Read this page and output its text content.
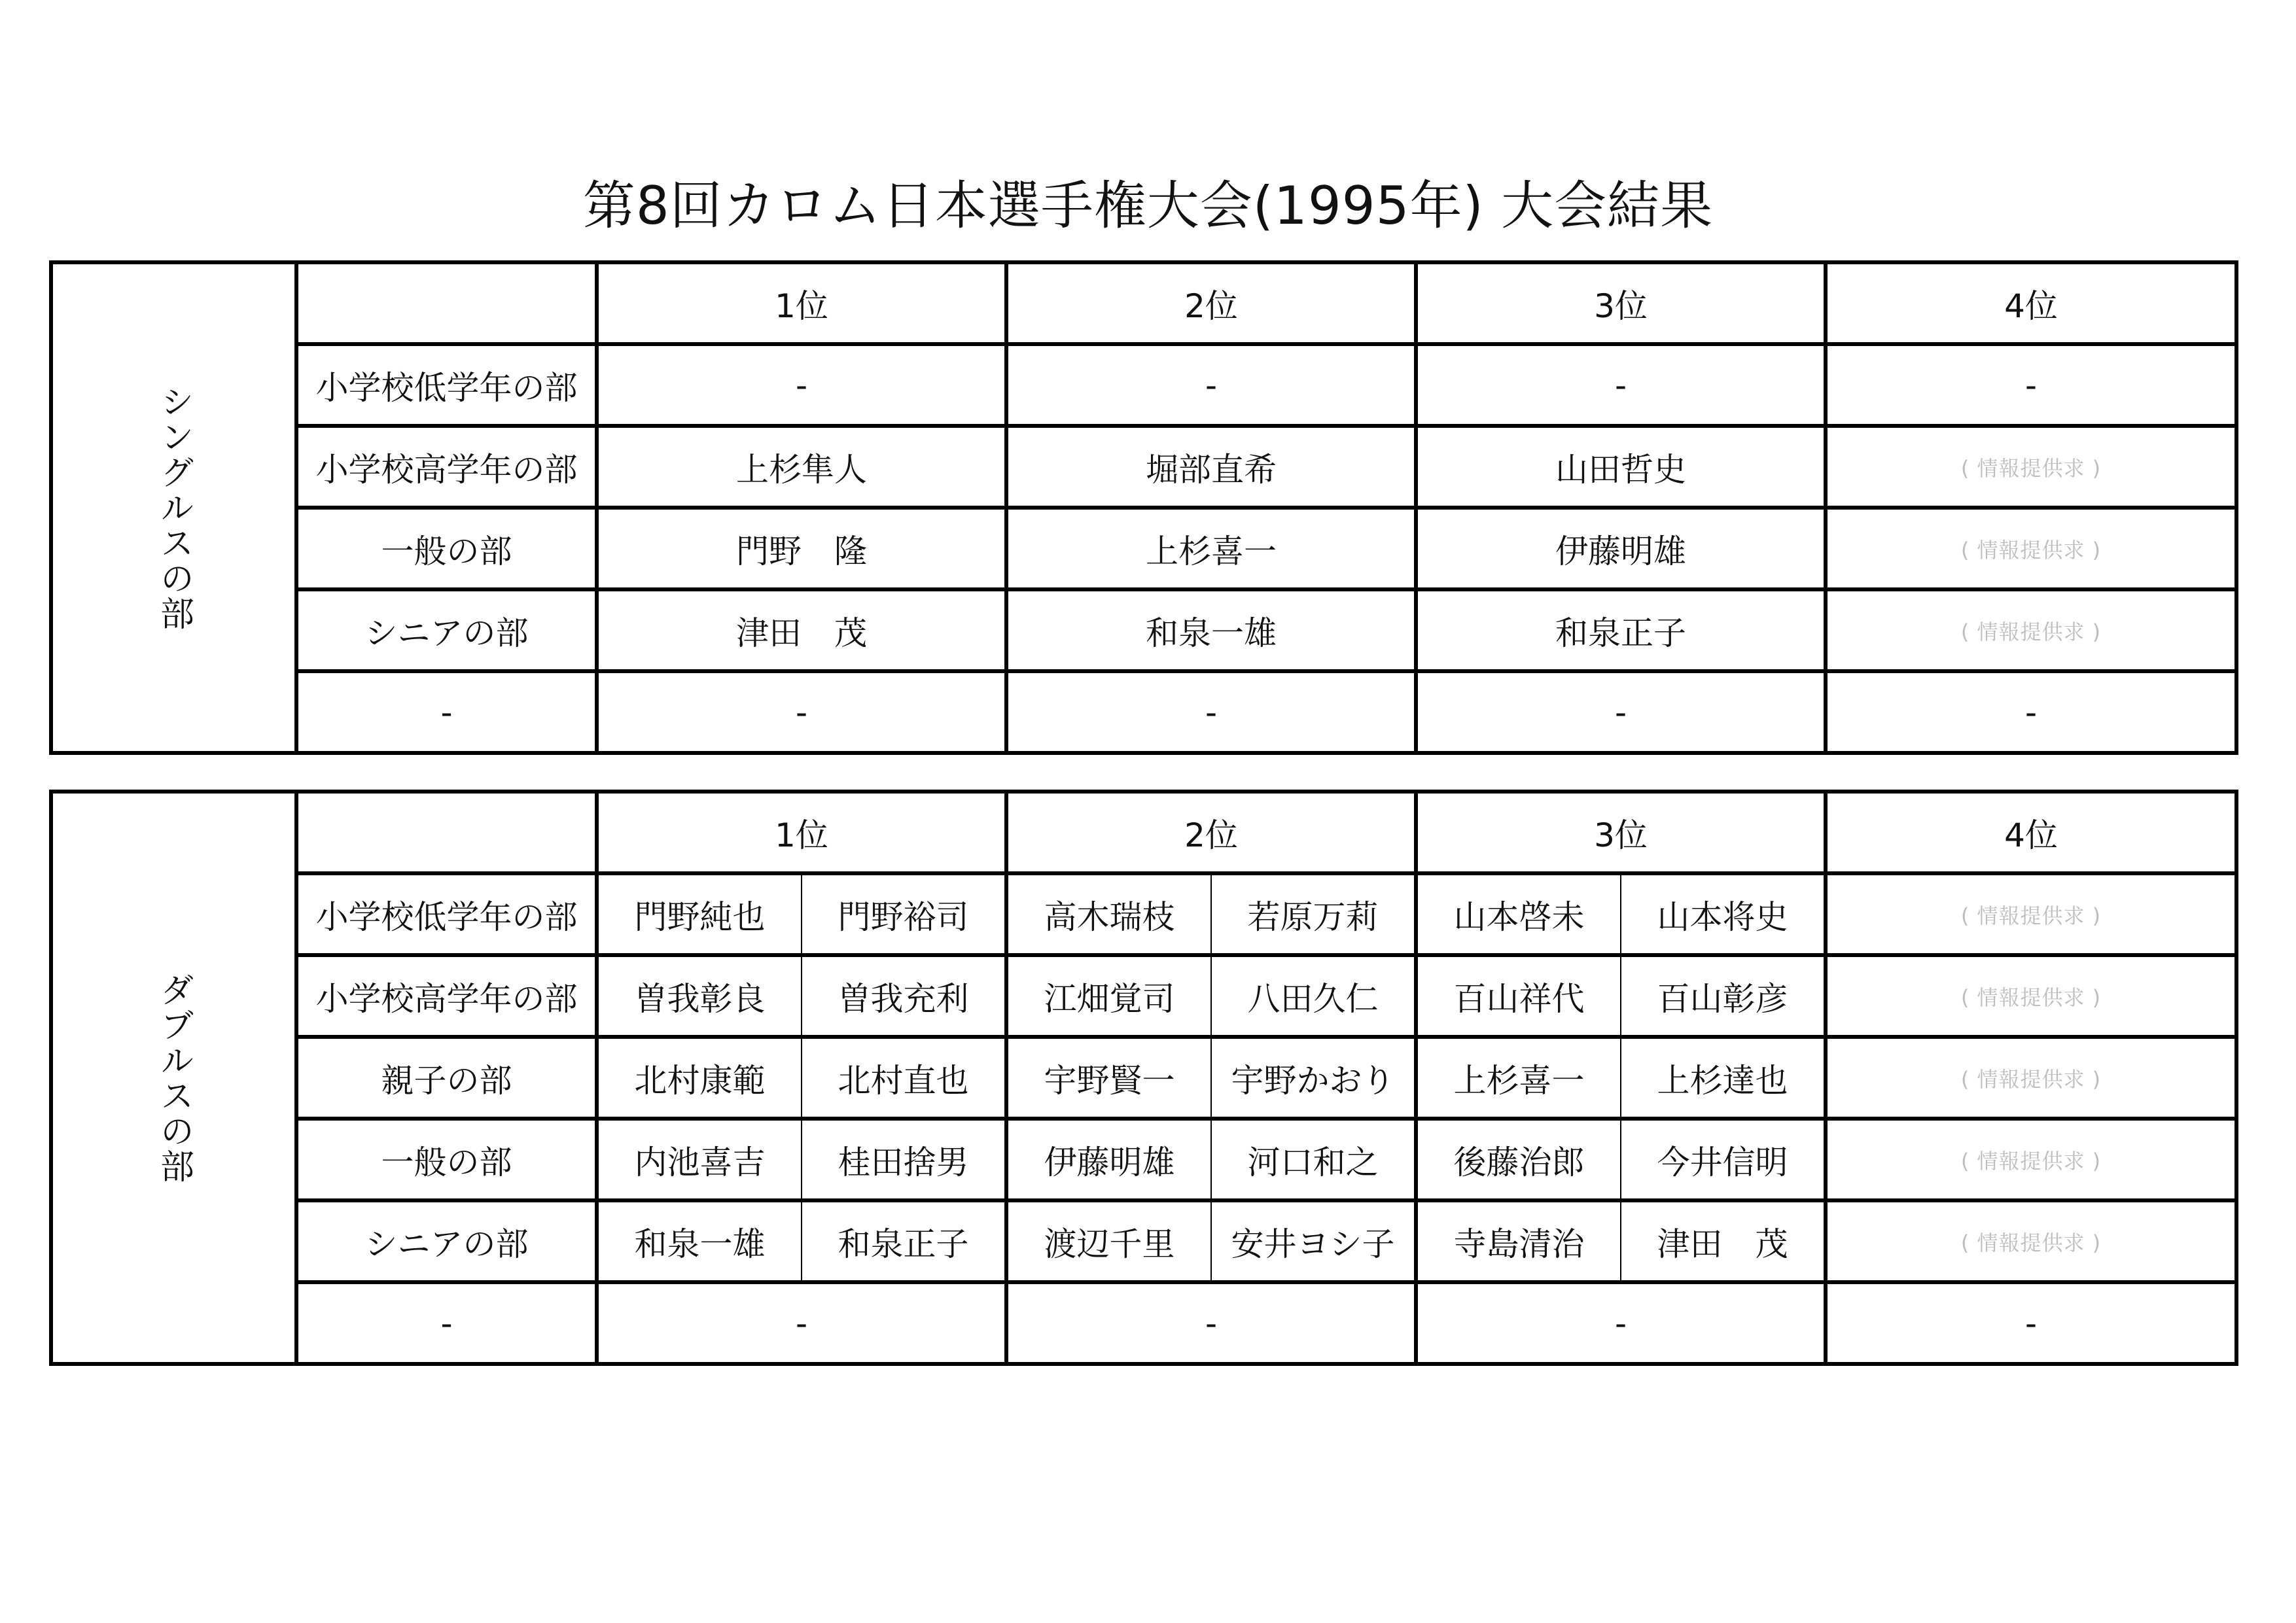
第8回カロム日本選手権大会(1995年) 大会結果
シングルスの部		1位	2位	3位	4位
	小学校低学年の部	-	-	-	-
	小学校高学年の部	上杉隼人	堀部直希	山田哲史	( 情報提供求 )
	一般の部	門野　隆	上杉喜一	伊藤明雄	( 情報提供求 )
	シニアの部	津田　茂	和泉一雄	和泉正子	( 情報提供求 )
	-	-	-	-	-
ダブルスの部		1位		2位		3位		4位
	小学校低学年の部	門野純也	門野裕司	高木瑞枝	若原万莉	山本啓未	山本将史	( 情報提供求 )
	小学校高学年の部	曽我彰良	曽我充利	江畑覚司	八田久仁	百山祥代	百山彰彦	( 情報提供求 )
	親子の部	北村康範	北村直也	宇野賢一	宇野かおり	上杉喜一	上杉達也	( 情報提供求 )
	一般の部	内池喜吉	桂田捨男	伊藤明雄	河口和之	後藤治郎	今井信明	( 情報提供求 )
	シニアの部	和泉一雄	和泉正子	渡辺千里	安井ヨシ子	寺島清治	津田　茂	( 情報提供求 )
	-	-		-		-		-
